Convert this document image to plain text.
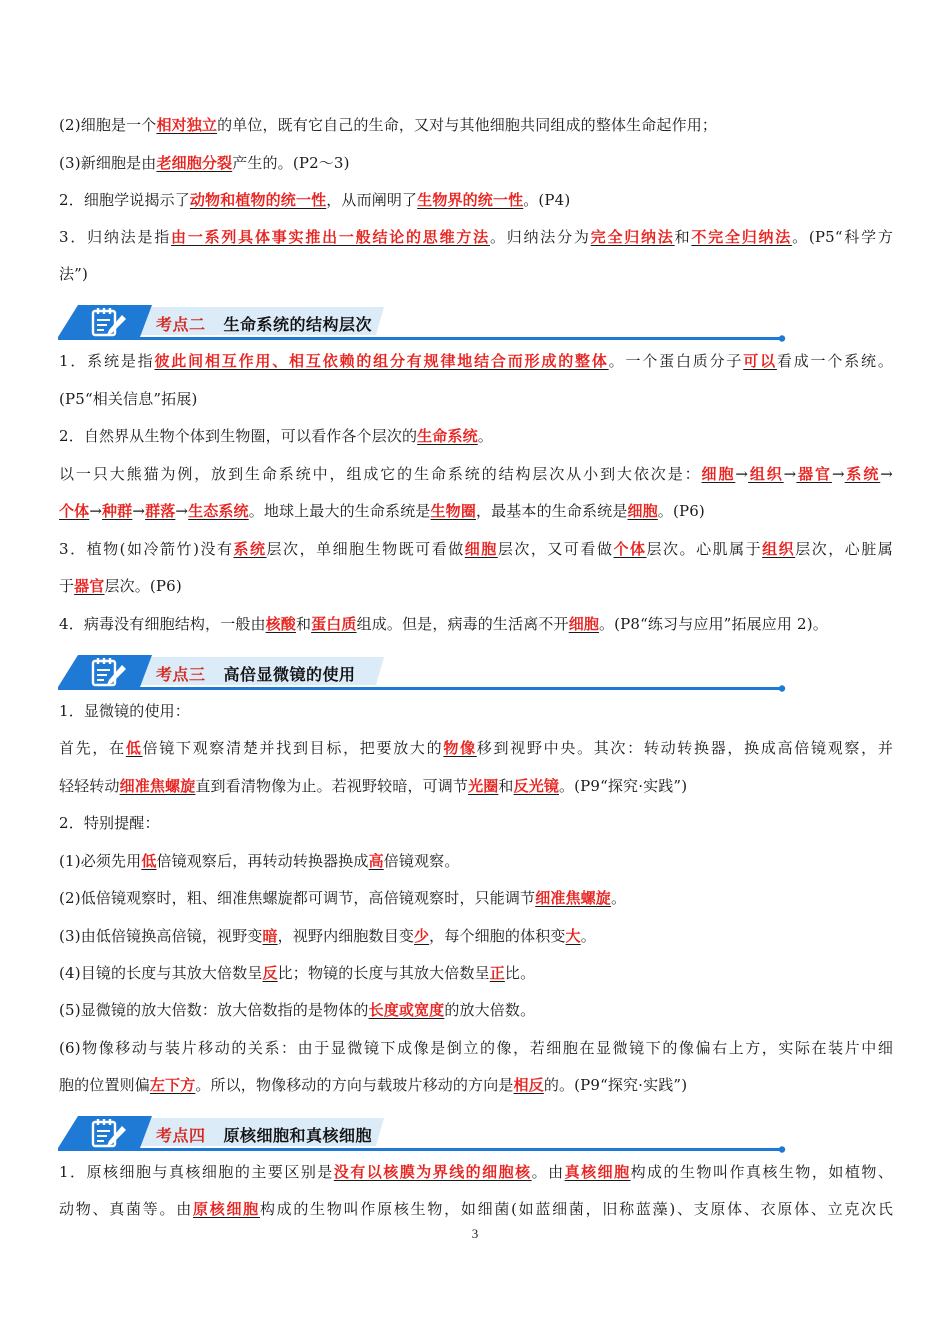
(2)细胞是一个相对独立的单位，既有它自己的生命，又对与其他细胞共同组成的整体生命起作用；
(3)新细胞是由老细胞分裂产生的。(P2～3)
2．细胞学说揭示了动物和植物的统一性，从而阐明了生物界的统一性。(P4)
3．归纳法是指由一系列具体事实推出一般结论的思维方法。归纳法分为完全归纳法和不完全归纳法。(P5“科学方
法”)
1．系统是指彼此间相互作用、相互依赖的组分有规律地结合而形成的整体。一个蛋白质分子可以看成一个系统。
(P5“相关信息”拓展)
2．自然界从生物个体到生物圈，可以看作各个层次的生命系统。
以一只大熊猫为例，放到生命系统中，组成它的生命系统的结构层次从小到大依次是：细胞→组织→器官→系统→
个体→种群→群落→生态系统。地球上最大的生命系统是生物圈，最基本的生命系统是细胞。(P6)
3．植物(如冷箭竹)没有系统层次，单细胞生物既可看做细胞层次，又可看做个体层次。心肌属于组织层次，心脏属
于器官层次。(P6)
4．病毒没有细胞结构，一般由核酸和蛋白质组成。但是，病毒的生活离不开细胞。(P8“练习与应用”拓展应用 2)。
1．显微镜的使用：
首先，在低倍镜下观察清楚并找到目标，把要放大的物像移到视野中央。其次：转动转换器，换成高倍镜观察，并
轻轻转动细准焦螺旋直到看清物像为止。若视野较暗，可调节光圈和反光镜。(P9“探究·实践”)
2．特别提醒：
(1)必须先用低倍镜观察后，再转动转换器换成高倍镜观察。
(2)低倍镜观察时，粗、细准焦螺旋都可调节，高倍镜观察时，只能调节细准焦螺旋。
(3)由低倍镜换高倍镜，视野变暗，视野内细胞数目变少，每个细胞的体积变大。
(4)目镜的长度与其放大倍数呈反比；物镜的长度与其放大倍数呈正比。
(5)显微镜的放大倍数：放大倍数指的是物体的长度或宽度的放大倍数。
(6)物像移动与装片移动的关系：由于显微镜下成像是倒立的像，若细胞在显微镜下的像偏右上方，实际在装片中细
胞的位置则偏左下方。所以，物像移动的方向与载玻片移动的方向是相反的。(P9“探究·实践”)
1．原核细胞与真核细胞的主要区别是没有以核膜为界线的细胞核。由真核细胞构成的生物叫作真核生物，如植物、
动物、真菌等。由原核细胞构成的生物叫作原核生物，如细菌(如蓝细菌，旧称蓝藻)、支原体、衣原体、立克次氏
考点二 生命系统的结构层次
考点三 高倍显微镜的使用
考点四 原核细胞和真核细胞
3
